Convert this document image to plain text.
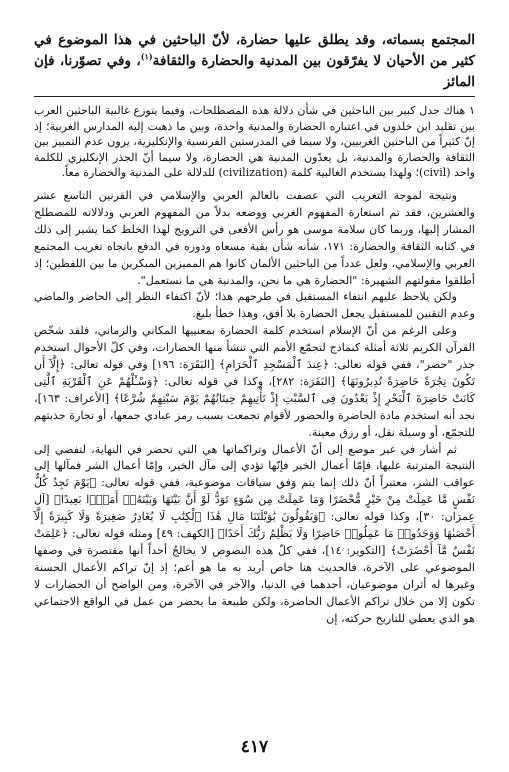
المجتمع بسماته، وقد يطلق عليها حضارة، لأنّ الباحثين في هذا الموضوع في كثير من الأحيان لا يفرّقون بين المدنية والحضارة والثقافة$^{(١)}$، وفي تصوّرنا، فإن المائز

١ هناك جدل كبير بين الباحثين في شأن دلالة هذه المصطلحات، وفيما يتوزع غالبية الباحثين العرب بين تقليد ابن خلدون في اعتباره الحضارة والمدنية واحدة، وبين ما ذهبت إليه المدارس الغربية؛ إذ إنّ كثيراً من الباحثين الغربيين، ولا سيما في المدرستين الفرنسية والإنكليزية، يرون عدم التمييز بين الثقافة والحضارة والمدنية، بل يعدّون المدنية هي الحضارة، ولا سيما أنّ الجذر الإنكليزي للكلمة واحد (civil)؛ ولهذا يستخدم الغالبية كلمة (civilization) للدلالة على المدنية والحضارة معاً.

ونتيجة لموجة التغريب التي عصفت بالعالم العربي والإسلامي في القرنين التاسع عشر والعشرين، فقد تم استعارة المفهوم الغربي ووضعه بدلاً من المفهوم العربي ودلالاته للمصطلح المشار إليها، وربما كان سلامة موسى هو رأس الأفعى في الترويج لهذا الخلط كما يشير إلى ذلك في كتابه الثقافة والحضارة: ١٧١، شأنه شأن بقية مسعاه ودوره في الدفع باتجاه تغريب المجتمع العربي والإسلامي، ولعل عدداً من الباحثين الألمان كانوا هم المميزين المبكرين ما بين اللفظين؛ إذ أطلقوا مقولتهم الشهيرة: "الحضارة هي ما نحن، والمدنية هي ما نستعمل".

ولكن يلاحظ عليهم انتفاء المستقبل في طرحهم هذا؛ لأنّ اكتفاء النظر إلى الحاضر والماضي وعدم التقنين للمستقبل يجعل الحضارة بلا أفق، وهذا خطأ بليغ.

وعلى الرغم من أنّ الإسلام استخدم كلمة الحضارة بمعنييها المكاني والزماني، فلقد شخّص القرآن الكريم ثلاثة أمثلة كنماذج لتجمّع الأمم التي تنشأ منها الحضارات، وفي كلّ الأحوال استخدم جذر "حضر"، ففي قوله تعالى: ﴿عِندَ ٱلْمَسْجِدِ ٱلْحَرَامِ﴾ [البَقَرَة: ١٩٦] وفي قوله تعالى: ﴿إِلَّآ أَن تَكُونَ تِجَٰرَةً حَاضِرَةً تُدِيرُونَهَا﴾ [البَقَرَة: ٢٨٢]، وكذا في قوله تعالى: ﴿وَسْـَٔلْهُمْ عَنِ ٱلْقَرْيَةِ ٱلَّتِى كَانَتْ حَاضِرَةَ ٱلْبَحْرِ إِذْ يَعْدُونَ فِى ٱلسَّبْتِ إِذْ تَأْتِيهِمْ حِيتَانُهُمْ يَوْمَ سَبْتِهِمْ شُرَّعًا﴾ [الأعراف: ١٦٣]، نجد أنه استخدم مادة الحاضرة والحضور لأقوام تجمعت بسبب رمز عبادي جمعها، أو تجارة جذبتهم للتجمّع، أو وسيلة نقل، أو رزق معينة.

ثم أشار في غير موضع إلى أنّ الأعمال وتراكماتها هي التي تحضر في النهاية، لتفضي إلى النتيجة المترتبة عليها، فإمّا أعمال الخير فإنّها تؤدي إلى مآل الخير، وإمّا أعمال الشر فمآلها إلى عواقب الشر، معتبراً أنّ ذلك إنما يتم وَفق سياقات موضوعية، ففي قوله تعالى: ﴿يَوْمَ تَجِدُ كُلُّ نَفْسٍ مَّا عَمِلَتْ مِنْ خَيْرٍ مُّحْضَرًا وَمَا عَمِلَتْ مِن سُوٓءٍ تَوَدُّ لَوْ أَنَّ بَيْنَهَا وَبَيْنَهُۥٓ أَمَدًۢا بَعِيدًا﴾ [آل عِمرَان: ٣٠]، وكذا قوله تعالى: ﴿وَيَقُولُونَ يَٰوَيْلَتَنَا مَالِ هَٰذَا ٱلْكِتَٰبِ لَا يُغَادِرُ صَغِيرَةً وَلَا كَبِيرَةً إِلَّآ أَحْصَىٰهَا وَوَجَدُوا۟ مَا عَمِلُوا۟ حَاضِرًا وَلَا يَظْلِمُ رَبُّكَ أَحَدًا﴾ [الكهف: ٤٩] ومثله قوله تعالى: ﴿عَلِمَتْ نَفْسٌ مَّآ أَحْضَرَتْ﴾ [التكوير: ١٤]، ففي كلّ هذه النصوص لا يخالجُ أحداً أنها مقتصرة في وصفها الموضوعي على الآخرة، فالحديث هنا خاص أريد به ما هو أعم؛ إذ إنّ تراكم الأعمال الحسنة وغيرها له أثران موضوعيان، أحدهما في الدنيا، والآخر في الآخرة، ومن الواضح أن الحضارات لا تكون إلا من خلال تراكم الأعمال الحاضرة، ولكن طبيعة ما يحضر من عمل في الواقع الاجتماعي هو الذي يعطي للتاريخ حركته، إن

٤١٧
